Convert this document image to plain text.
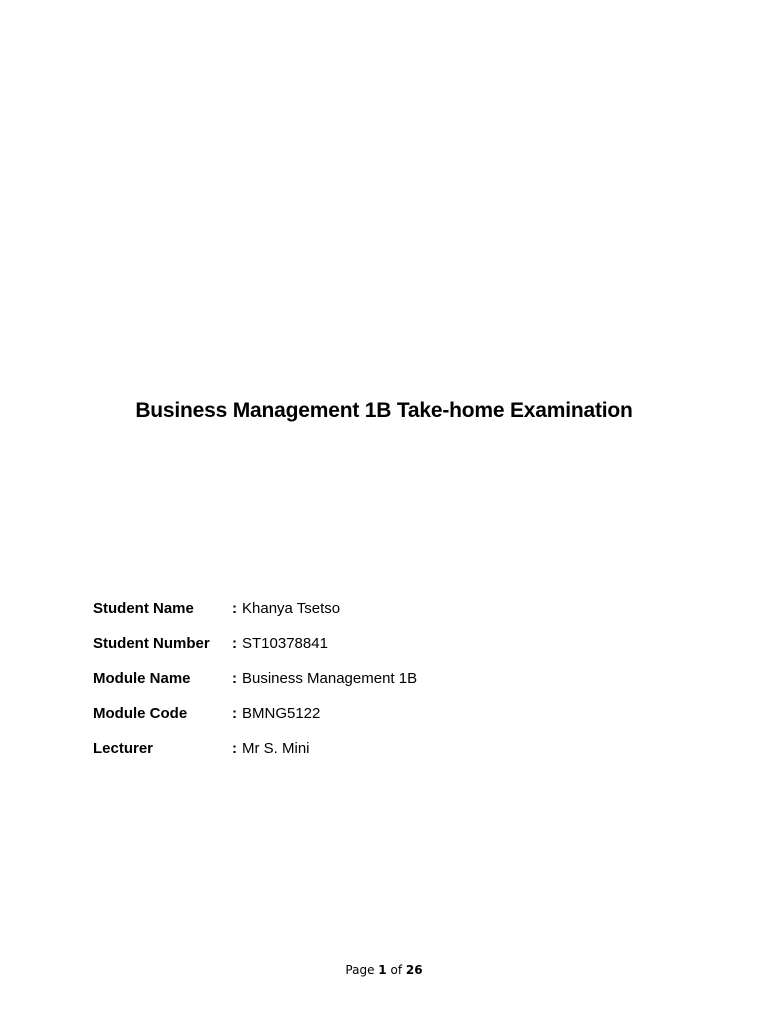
Business Management 1B Take-home Examination
Student Name	: Khanya Tsetso
Student Number	: ST10378841
Module Name	: Business Management 1B
Module Code	: BMNG5122
Lecturer	: Mr S. Mini
Page 1 of 26
